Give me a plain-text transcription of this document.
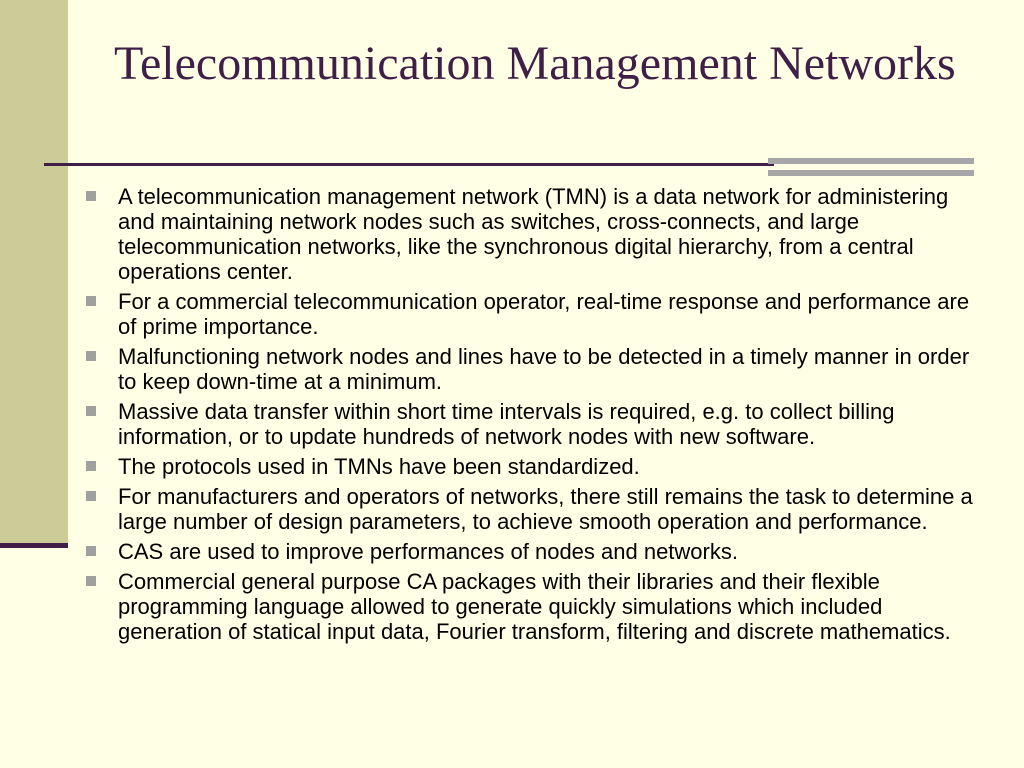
Telecommunication Management Networks
A telecommunication management network (TMN) is a data network for administering and maintaining network nodes such as switches, cross-connects, and large telecommunication networks, like the synchronous digital hierarchy, from a central operations center.
For a commercial telecommunication operator, real-time response and performance are of prime importance.
Malfunctioning network nodes and lines have to be detected in a timely manner in order to keep down-time at a minimum.
Massive data transfer within short time intervals is required, e.g. to collect billing information, or to update hundreds of network nodes with new software.
The protocols used in TMNs have been standardized.
For manufacturers and operators of networks, there still remains the task to determine a large number of design parameters, to achieve smooth operation and performance.
CAS are used to improve performances of nodes and networks.
Commercial general purpose CA packages with their libraries and their flexible programming language allowed to generate quickly simulations which included generation of statical input data, Fourier transform, filtering and discrete mathematics.
